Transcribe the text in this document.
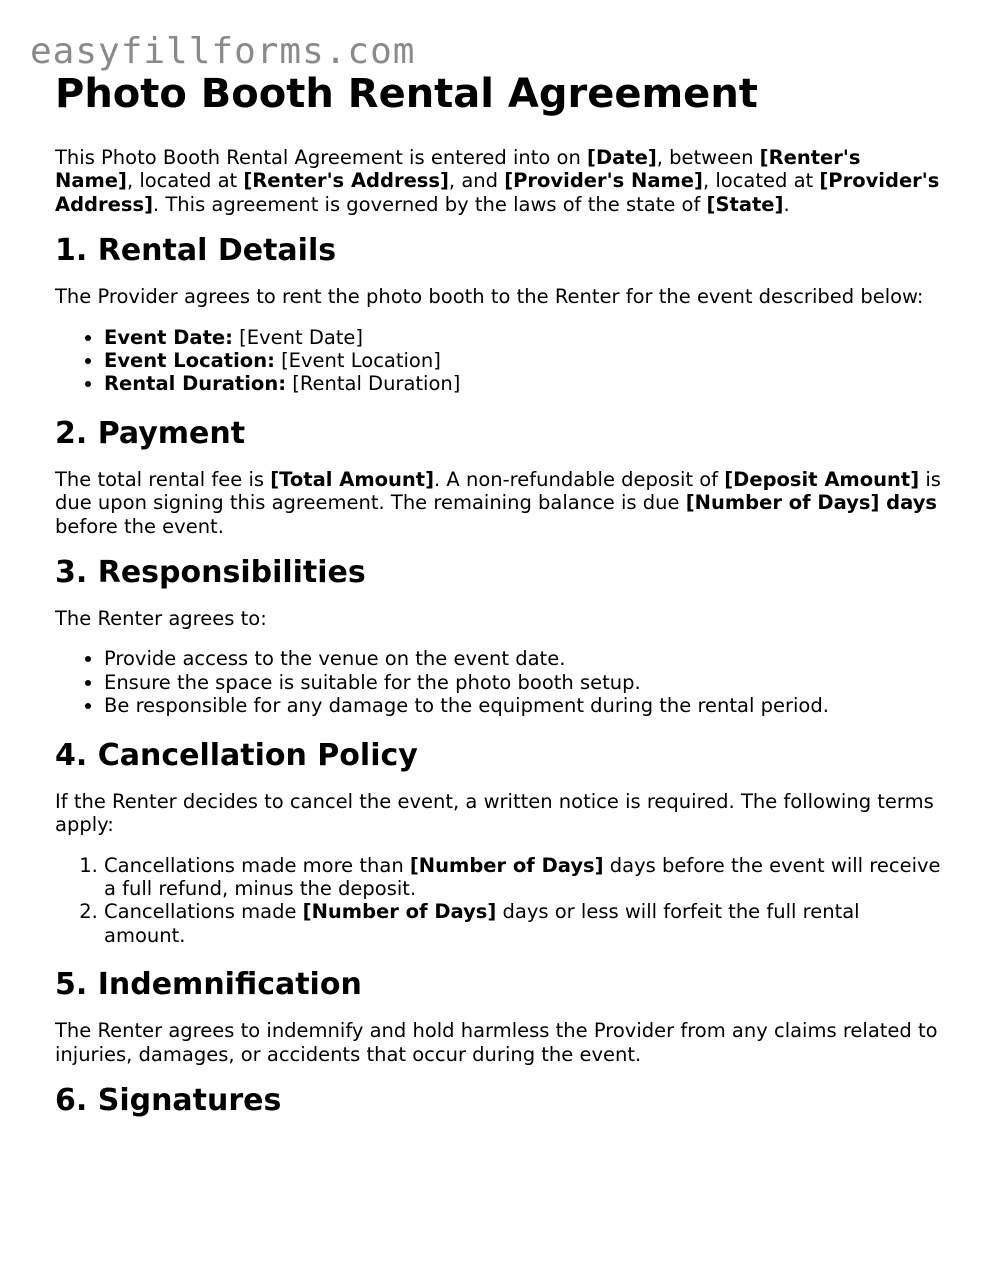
easyfillforms.com
Photo Booth Rental Agreement

This Photo Booth Rental Agreement is entered into on [Date], between [Renter's Name], located at [Renter's Address], and [Provider's Name], located at [Provider's Address]. This agreement is governed by the laws of the state of [State].

1. Rental Details

The Provider agrees to rent the photo booth to the Renter for the event described below:

• Event Date: [Event Date]
• Event Location: [Event Location]
• Rental Duration: [Rental Duration]
2. Payment

The total rental fee is [Total Amount]. A non-refundable deposit of [Deposit Amount] is due upon signing this agreement. The remaining balance is due [Number of Days] days before the event.

3. Responsibilities

The Renter agrees to:

• Provide access to the venue on the event date.
• Ensure the space is suitable for the photo booth setup.
• Be responsible for any damage to the equipment during the rental period.
4. Cancellation Policy

If the Renter decides to cancel the event, a written notice is required. The following terms apply:

1. Cancellations made more than [Number of Days] days before the event will receive a full refund, minus the deposit.
2. Cancellations made [Number of Days] days or less will forfeit the full rental amount.
5. Indemnification

The Renter agrees to indemnify and hold harmless the Provider from any claims related to injuries, damages, or accidents that occur during the event.

6. Signatures
